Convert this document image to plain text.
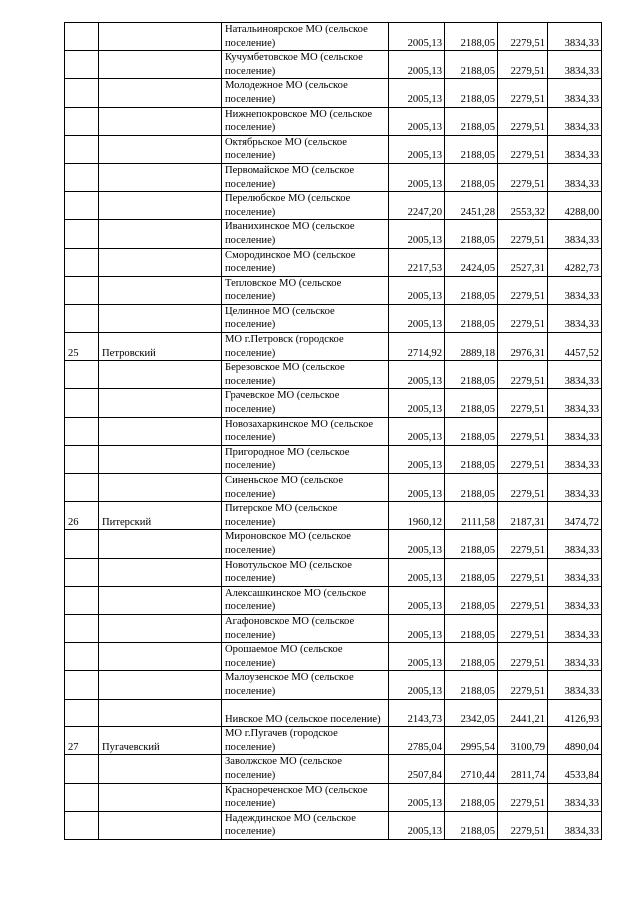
		Натальиноярское МО (сельское поселение)	2005,13	2188,05	2279,51	3834,33
		Кучумбетовское МО (сельское поселение)	2005,13	2188,05	2279,51	3834,33
		Молодежное МО (сельское поселение)	2005,13	2188,05	2279,51	3834,33
		Нижнепокровское МО (сельское поселение)	2005,13	2188,05	2279,51	3834,33
		Октябрьское МО (сельское поселение)	2005,13	2188,05	2279,51	3834,33
		Первомайское МО (сельское поселение)	2005,13	2188,05	2279,51	3834,33
		Перелюбское МО (сельское поселение)	2247,20	2451,28	2553,32	4288,00
		Иванихинское МО (сельское поселение)	2005,13	2188,05	2279,51	3834,33
		Смородинское МО (сельское поселение)	2217,53	2424,05	2527,31	4282,73
		Тепловское МО (сельское поселение)	2005,13	2188,05	2279,51	3834,33
		Целинное МО (сельское поселение)	2005,13	2188,05	2279,51	3834,33
25	Петровский	МО г.Петровск (городское поселение)	2714,92	2889,18	2976,31	4457,52
		Березовское МО (сельское поселение)	2005,13	2188,05	2279,51	3834,33
		Грачевское МО (сельское поселение)	2005,13	2188,05	2279,51	3834,33
		Новозахаркинское МО (сельское поселение)	2005,13	2188,05	2279,51	3834,33
		Пригородное МО (сельское поселение)	2005,13	2188,05	2279,51	3834,33
		Синеньское МО (сельское поселение)	2005,13	2188,05	2279,51	3834,33
26	Питерский	Питерское МО (сельское поселение)	1960,12	2111,58	2187,31	3474,72
		Мироновское МО (сельское поселение)	2005,13	2188,05	2279,51	3834,33
		Новотульское МО (сельское поселение)	2005,13	2188,05	2279,51	3834,33
		Алексашкинское МО (сельское поселение)	2005,13	2188,05	2279,51	3834,33
		Агафоновское МО (сельское поселение)	2005,13	2188,05	2279,51	3834,33
		Орошаемое МО (сельское поселение)	2005,13	2188,05	2279,51	3834,33
		Малоузенское МО (сельское поселение)	2005,13	2188,05	2279,51	3834,33
		Нивское МО (сельское поселение)	2143,73	2342,05	2441,21	4126,93
27	Пугачевский	МО г.Пугачев (городское поселение)	2785,04	2995,54	3100,79	4890,04
		Заволжское МО (сельское поселение)	2507,84	2710,44	2811,74	4533,84
		Краснореченское МО (сельское поселение)	2005,13	2188,05	2279,51	3834,33
		Надеждинское МО (сельское поселение)	2005,13	2188,05	2279,51	3834,33
